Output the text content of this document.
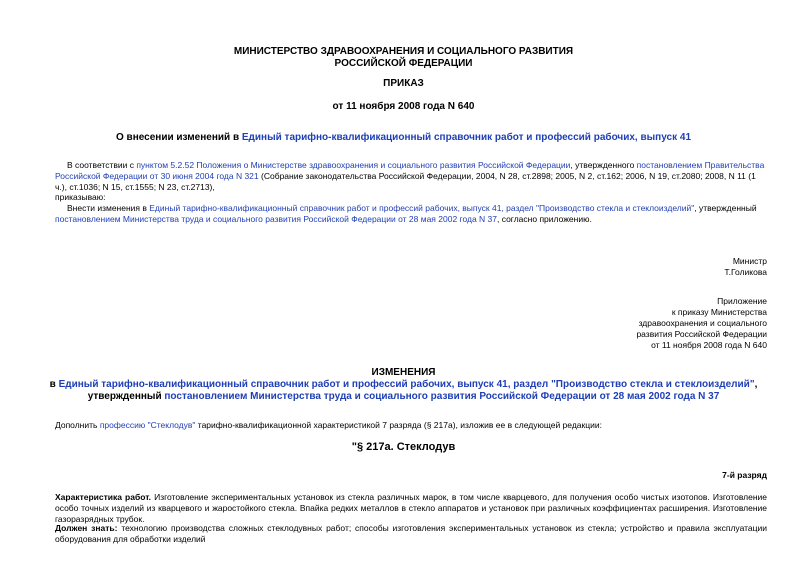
МИНИСТЕРСТВО ЗДРАВООХРАНЕНИЯ И СОЦИАЛЬНОГО РАЗВИТИЯ
РОССИЙСКОЙ ФЕДЕРАЦИИ
ПРИКАЗ
от 11 ноября 2008 года N 640
О внесении изменений в Единый тарифно-квалификационный справочник работ и профессий рабочих, выпуск 41
В соответствии с пунктом 5.2.52 Положения о Министерстве здравоохранения и социального развития Российской Федерации, утвержденного постановлением Правительства Российской Федерации от 30 июня 2004 года N 321 (Собрание законодательства Российской Федерации, 2004, N 28, ст.2898; 2005, N 2, ст.162; 2006, N 19, ст.2080; 2008, N 11 (1 ч.), ст.1036; N 15, ст.1555; N 23, ст.2713),
приказываю:
Внести изменения в Единый тарифно-квалификационный справочник работ и профессий рабочих, выпуск 41, раздел "Производство стекла и стеклоизделий", утвержденный постановлением Министерства труда и социального развития Российской Федерации от 28 мая 2002 года N 37, согласно приложению.
Министр
Т.Голикова
Приложение
к приказу Министерства
здравоохранения и социального
развития Российской Федерации
от 11 ноября 2008 года N 640
ИЗМЕНЕНИЯ
в Единый тарифно-квалификационный справочник работ и профессий рабочих, выпуск 41, раздел "Производство стекла и стеклоизделий", утвержденный постановлением Министерства труда и социального развития Российской Федерации от 28 мая 2002 года N 37
Дополнить профессию "Стеклодув" тарифно-квалификационной характеристикой 7 разряда (§ 217а), изложив ее в следующей редакции:
"§ 217а. Стеклодув
7-й разряд
Характеристика работ. Изготовление экспериментальных установок из стекла различных марок, в том числе кварцевого, для получения особо чистых изотопов. Изготовление особо точных изделий из кварцевого и жаростойкого стекла. Впайка редких металлов в стекло аппаратов и установок при различных коэффициентах расширения. Изготовление газоразрядных трубок.
Должен знать: технологию производства сложных стеклодувных работ; способы изготовления экспериментальных установок из стекла; устройство и правила эксплуатации оборудования для обработки изделий
